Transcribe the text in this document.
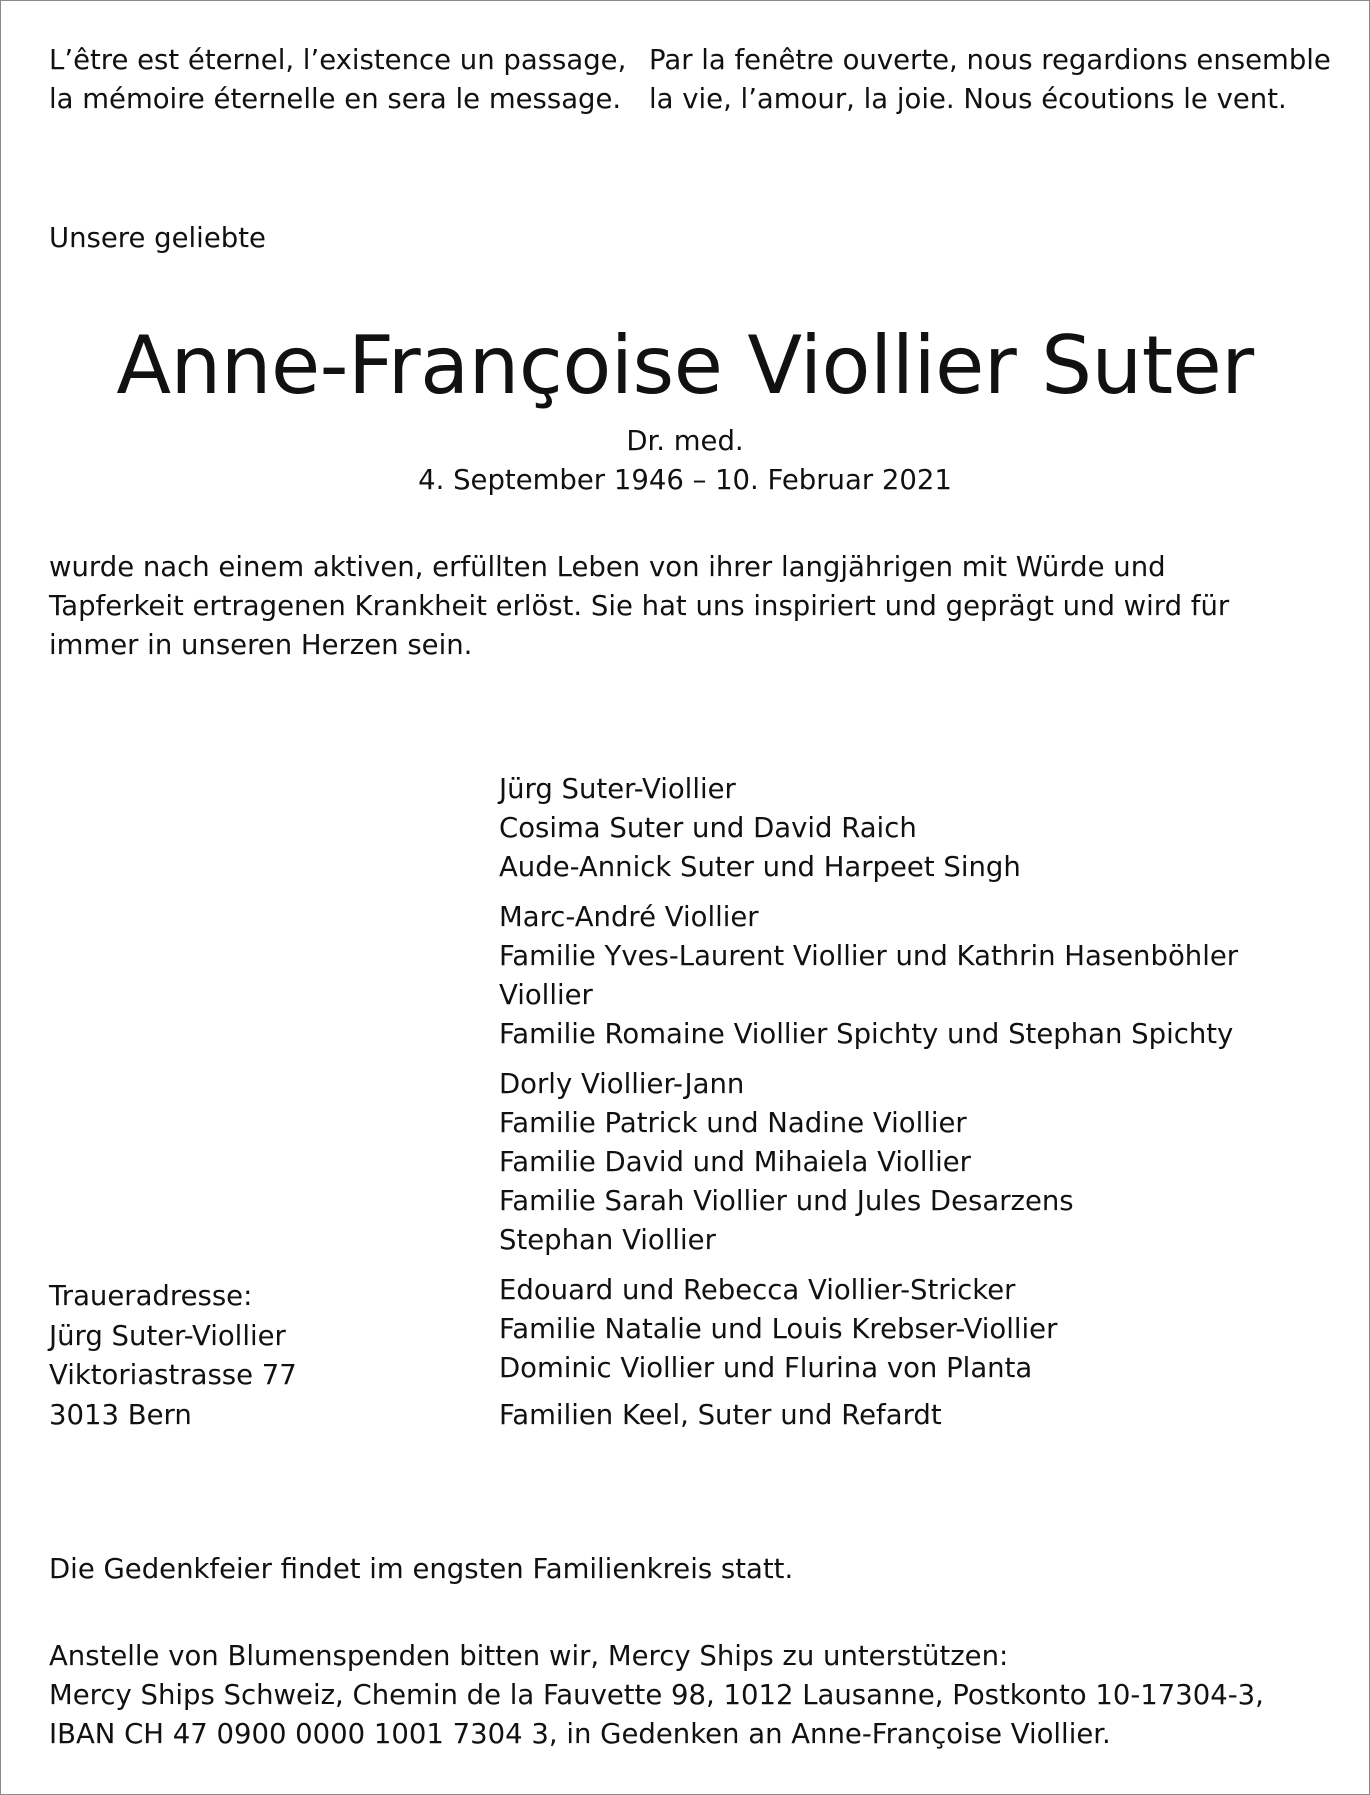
L’être est éternel, l’existence un passage,
la mémoire éternelle en sera le message.

Par la fenêtre ouverte, nous regardions ensemble
la vie, l’amour, la joie. Nous écoutions le vent.

Unsere geliebte

Anne-Françoise Viollier Suter

Dr. med.

4. September 1946 – 10. Februar 2021

wurde nach einem aktiven, erfüllten Leben von ihrer langjährigen mit Würde und Tapferkeit ertragenen Krankheit erlöst. Sie hat uns inspiriert und geprägt und wird für immer in unseren Herzen sein.

Jürg Suter-Viollier
Cosima Suter und David Raich
Aude-Annick Suter und Harpeet Singh
Marc-André Viollier
Familie Yves-Laurent Viollier und Kathrin Hasenböhler
Viollier
Familie Romaine Viollier Spichty und Stephan Spichty
Dorly Viollier-Jann
Familie Patrick und Nadine Viollier
Familie David und Mihaiela Viollier
Familie Sarah Viollier und Jules Desarzens
Stephan Viollier
Edouard und Rebecca Viollier-Stricker
Familie Natalie und Louis Krebser-Viollier
Dominic Viollier und Flurina von Planta
Familien Keel, Suter und Refardt
Traueradresse:
Jürg Suter-Viollier
Viktoriastrasse 77
3013 Bern

Die Gedenkfeier findet im engsten Familienkreis statt.

Anstelle von Blumenspenden bitten wir, Mercy Ships zu unterstützen:
Mercy Ships Schweiz, Chemin de la Fauvette 98, 1012 Lausanne, Postkonto 10-17304-3,
IBAN CH 47 0900 0000 1001 7304 3, in Gedenken an Anne-Françoise Viollier.
